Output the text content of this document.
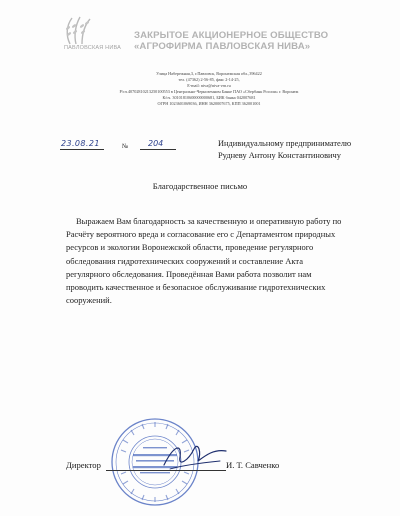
ПАВЛОВСКАЯ НИВА
ЗАКРЫТОЕ АКЦИОНЕРНОЕ ОБЩЕСТВО
«АГРОФИРМА ПАВЛОВСКАЯ НИВА»
Улица Набережная,3, г.Павловск, Воронежская обл.,396422
тел. (47362) 2-56-85, факс 2-14-25,
E-mail: niva@niva-vrn.ru
Р/сч.40702810213250100553 в Центрально-Черноземном Банке ПАО «Сбербанк России» г. Воронеж
К/сч. 30101810600000000681, БИК банка 042007681
ОГРН 1023601069036, ИНН 3620007675, КПП 362001001
23.08.21	№ 204	Индивидуальному предпринимателю
Рудневу Антону Константиновичу
Благодарственное письмо
Выражаем Вам благодарность за качественную и оперативную работу по
Расчёту вероятного вреда и согласование его с Департаментом природных
ресурсов и экологии Воронежской области, проведение регулярного
обследования гидротехнических сооружений и составление Акта
регулярного обследования. Проведённая Вами работа позволит нам
проводить качественное и безопасное обслуживание гидротехнических
сооружений.
Директор	И. Т. Савченко
